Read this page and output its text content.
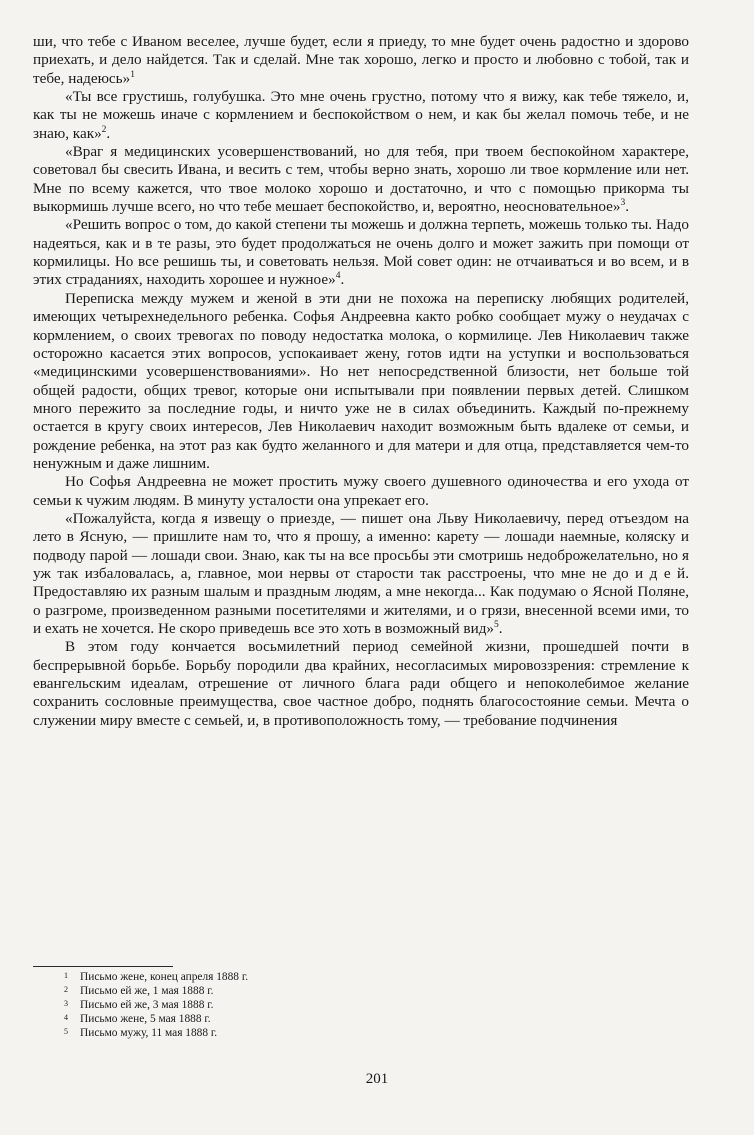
ши, что тебе с Иваном веселее, лучше будет, если я приеду, то мне будет очень радостно и здорово приехать, и дело найдется. Так и сделай. Мне так хорошо, легко и просто и любовно с тобой, так и тебе, надеюсь»$^1$

«Ты все грустишь, голубушка. Это мне очень грустно, потому что я вижу, как тебе тяжело, и, как ты не можешь иначе с кормлением и беспокойством о нем, и как бы желал помочь тебе, и не знаю, как»$^2$.

«Враг я медицинских усовершенствований, но для тебя, при твоем беспокойном характере, советовал бы свесить Ивана, и весить с тем, чтобы верно знать, хорошо ли твое кормление или нет. Мне по всему кажется, что твое молоко хорошо и достаточно, и что с помощью прикорма ты выкормишь лучше всего, но что тебе мешает беспокойство, и, вероятно, неосновательное»$^3$.

«Решить вопрос о том, до какой степени ты можешь и должна терпеть, можешь только ты. Надо надеяться, как и в те разы, это будет продолжаться не очень долго и может зажить при помощи от кормилицы. Но все решишь ты, и советовать нельзя. Мой совет один: не отчаиваться и во всем, и в этих страданиях, находить хорошее и нужное»$^4$.

Переписка между мужем и женой в эти дни не похожа на переписку любящих родителей, имеющих четырехнедельного ребенка. Софья Андреевна както робко сообщает мужу о неудачах с кормлением, о своих тревогах по поводу недостатка молока, о кормилице. Лев Николаевич также осторожно касается этих вопросов, успокаивает жену, готов идти на уступки и воспользоваться «медицинскими усовершенствованиями». Но нет непосредственной близости, нет больше той общей радости, общих тревог, которые они испытывали при появлении первых детей. Слишком много пережито за последние годы, и ничто уже не в силах объединить. Каждый по-прежнему остается в кругу своих интересов, Лев Николаевич находит возможным быть вдалеке от семьи, и рождение ребенка, на этот раз как будто желанного и для матери и для отца, представляется чем-то ненужным и даже лишним.

Но Софья Андреевна не может простить мужу своего душевного одиночества и его ухода от семьи к чужим людям. В минуту усталости она упрекает его.

«Пожалуйста, когда я извещу о приезде, — пишет она Льву Николаевичу, перед отъездом на лето в Ясную, — пришлите нам то, что я прошу, а именно: карету — лошади наемные, коляску и подводу парой — лошади свои. Знаю, как ты на все просьбы эти смотришь недоброжелательно, но я уж так избаловалась, а, главное, мои нервы от старости так расстроены, что мне не до и д е й. Предоставляю их разным шалым и праздным людям, а мне некогда... Как подумаю о Ясной Поляне, о разгроме, произведенном разными посетителями и жителями, и о грязи, внесенной всеми ими, то и ехать не хочется. Не скоро приведешь все это хоть в возможный вид»$^5$.

В этом году кончается восьмилетний период семейной жизни, прошедшей почти в беспрерывной борьбе. Борьбу породили два крайних, несогласимых мировоззрения: стремление к евангельским идеалам, отрешение от личного блага ради общего и непоколебимое желание сохранить сословные преимущества, свое частное добро, поднять благосостояние семьи. Мечта о служении миру вместе с семьей, и, в противоположность тому, — требование подчинения

1	Письмо жене, конец апреля 1888 г.
2	Письмо ей же, 1 мая 1888 г.
3	Письмо ей же, 3 мая 1888 г.
4	Письмо жене, 5 мая 1888 г.
5	Письмо мужу, 11 мая 1888 г.
201
